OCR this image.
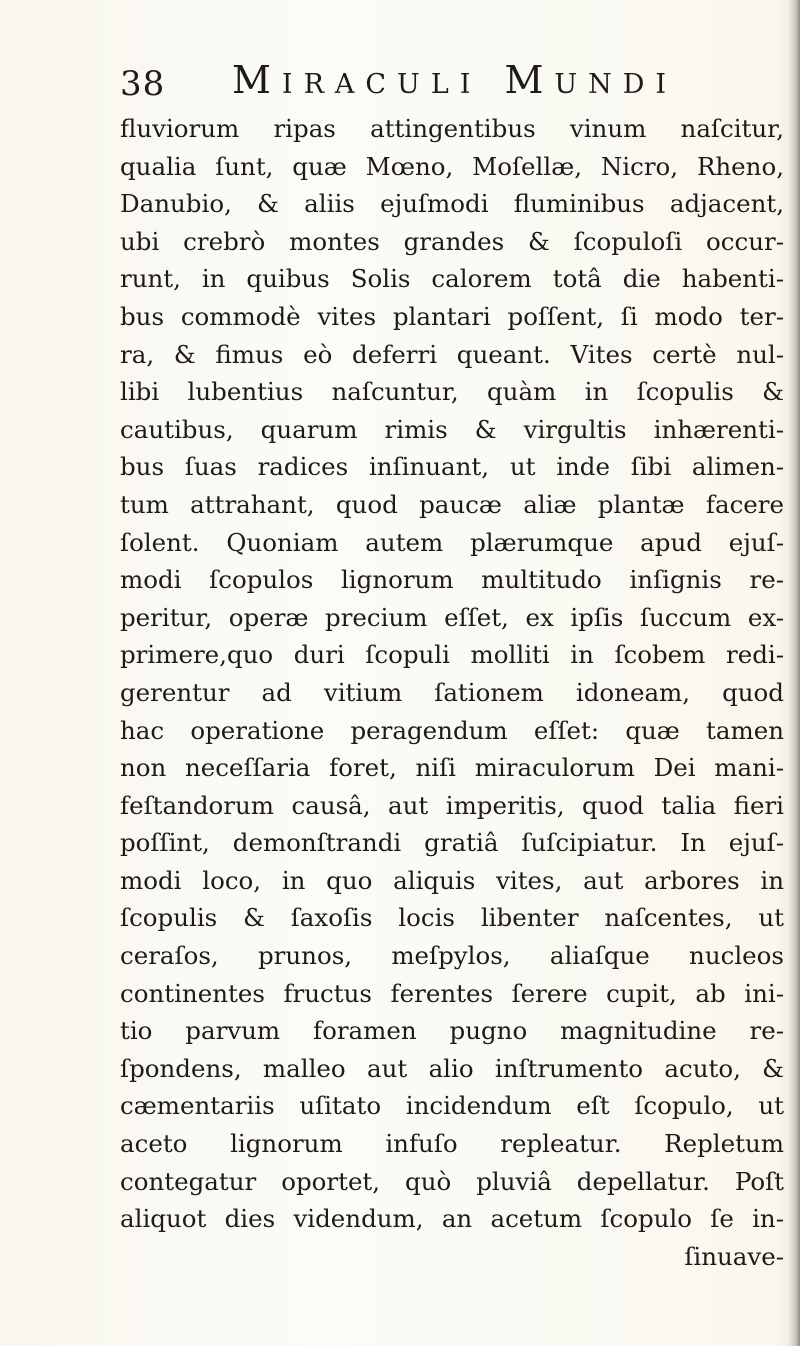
38 Miraculi Mundi
fluviorum ripas attingentibus vinum naſcitur,
qualia ſunt, quæ Mœno, Moſellæ, Nicro, Rheno,
Danubio, & aliis ejuſmodi fluminibus adjacent,
ubi crebrò montes grandes & ſcopuloſi occur-
runt, in quibus Solis calorem totâ die habenti-
bus commodè vites plantari poſſent, ſi modo ter-
ra, & fimus eò deferri queant. Vites certè nul-
libi lubentius naſcuntur, quàm in ſcopulis &
cautibus, quarum rimis & virgultis inhærenti-
bus ſuas radices inſinuant, ut inde ſibi alimen-
tum attrahant, quod paucæ aliæ plantæ facere
ſolent. Quoniam autem plærumque apud ejuſ-
modi ſcopulos lignorum multitudo inſignis re-
peritur, operæ precium eſſet, ex ipſis ſuccum ex-
primere,quo duri ſcopuli molliti in ſcobem redi-
gerentur ad vitium ſationem idoneam, quod
hac operatione peragendum eſſet: quæ tamen
non neceſſaria foret, niſi miraculorum Dei mani-
feſtandorum causâ, aut imperitis, quod talia fieri
poſſint, demonſtrandi gratiâ ſuſcipiatur. In ejuſ-
modi loco, in quo aliquis vites, aut arbores in
ſcopulis & ſaxoſis locis libenter naſcentes, ut
ceraſos, prunos, meſpylos, aliaſque nucleos
continentes fructus ferentes ſerere cupit, ab ini-
tio parvum foramen pugno magnitudine re-
ſpondens, malleo aut alio inſtrumento acuto, &
cæmentariis uſitato incidendum eſt ſcopulo, ut
aceto lignorum infuſo repleatur. Repletum
contegatur oportet, quò pluviâ depellatur. Poſt
aliquot dies videndum, an acetum ſcopulo ſe in-
ſinuave-
